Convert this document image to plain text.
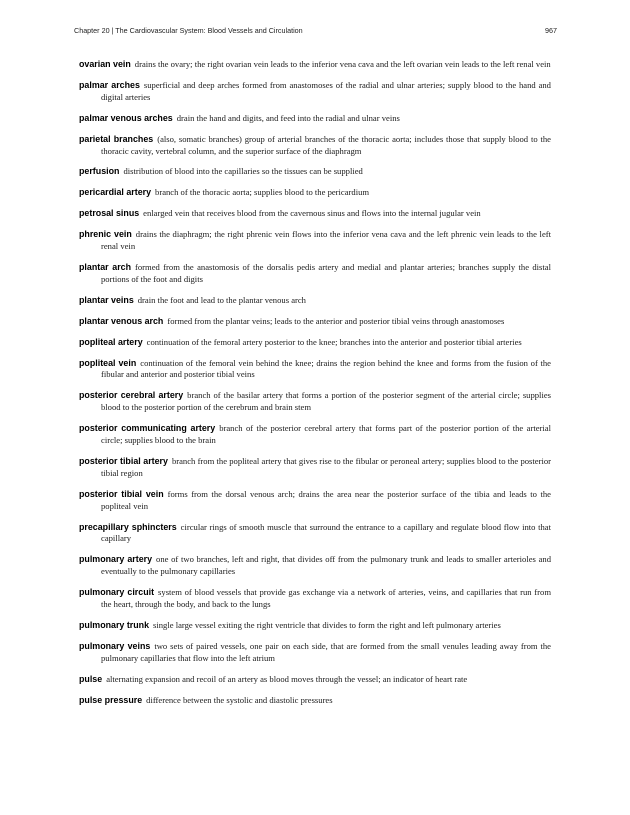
Chapter 20 | The Cardiovascular System: Blood Vessels and Circulation	967

ovarian vein drains the ovary; the right ovarian vein leads to the inferior vena cava and the left ovarian vein leads to the left renal vein

palmar arches superficial and deep arches formed from anastomoses of the radial and ulnar arteries; supply blood to the hand and digital arteries

palmar venous arches drain the hand and digits, and feed into the radial and ulnar veins

parietal branches (also, somatic branches) group of arterial branches of the thoracic aorta; includes those that supply blood to the thoracic cavity, vertebral column, and the superior surface of the diaphragm

perfusion distribution of blood into the capillaries so the tissues can be supplied

pericardial artery branch of the thoracic aorta; supplies blood to the pericardium

petrosal sinus enlarged vein that receives blood from the cavernous sinus and flows into the internal jugular vein

phrenic vein drains the diaphragm; the right phrenic vein flows into the inferior vena cava and the left phrenic vein leads to the left renal vein

plantar arch formed from the anastomosis of the dorsalis pedis artery and medial and plantar arteries; branches supply the distal portions of the foot and digits

plantar veins drain the foot and lead to the plantar venous arch

plantar venous arch formed from the plantar veins; leads to the anterior and posterior tibial veins through anastomoses

popliteal artery continuation of the femoral artery posterior to the knee; branches into the anterior and posterior tibial arteries

popliteal vein continuation of the femoral vein behind the knee; drains the region behind the knee and forms from the fusion of the fibular and anterior and posterior tibial veins

posterior cerebral artery branch of the basilar artery that forms a portion of the posterior segment of the arterial circle; supplies blood to the posterior portion of the cerebrum and brain stem

posterior communicating artery branch of the posterior cerebral artery that forms part of the posterior portion of the arterial circle; supplies blood to the brain

posterior tibial artery branch from the popliteal artery that gives rise to the fibular or peroneal artery; supplies blood to the posterior tibial region

posterior tibial vein forms from the dorsal venous arch; drains the area near the posterior surface of the tibia and leads to the popliteal vein

precapillary sphincters circular rings of smooth muscle that surround the entrance to a capillary and regulate blood flow into that capillary

pulmonary artery one of two branches, left and right, that divides off from the pulmonary trunk and leads to smaller arterioles and eventually to the pulmonary capillaries

pulmonary circuit system of blood vessels that provide gas exchange via a network of arteries, veins, and capillaries that run from the heart, through the body, and back to the lungs

pulmonary trunk single large vessel exiting the right ventricle that divides to form the right and left pulmonary arteries

pulmonary veins two sets of paired vessels, one pair on each side, that are formed from the small venules leading away from the pulmonary capillaries that flow into the left atrium

pulse alternating expansion and recoil of an artery as blood moves through the vessel; an indicator of heart rate

pulse pressure difference between the systolic and diastolic pressures
